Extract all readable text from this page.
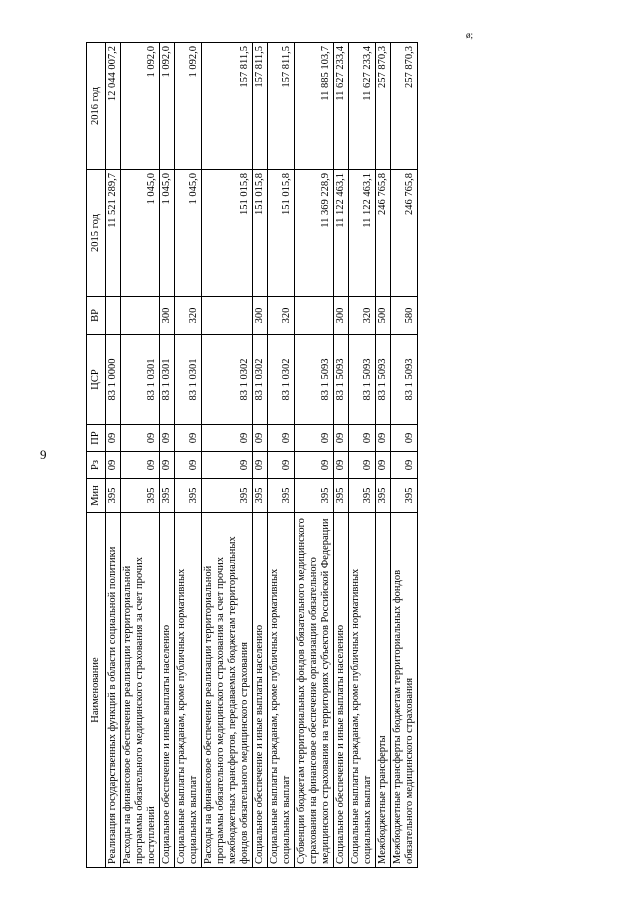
9
ø;
Наименование	Мин	Рз	ПР	ЦСР	ВР	2015 год	2016 год
Реализация государственных функций в области социальной политики	395	09	09	83 1 0000		11 521 289,7	12 044 007,2
Расходы на финансовое обеспечение реализации территориальной программы обязательного медицинского страхования за счет прочих поступлений	395	09	09	83 1 0301		1 045,0	1 092,0
Социальное обеспечение и иные выплаты населению	395	09	09	83 1 0301	300	1 045,0	1 092,0
Социальные выплаты гражданам, кроме публичных нормативных социальных выплат	395	09	09	83 1 0301	320	1 045,0	1 092,0
Расходы на финансовое обеспечение реализации территориальной программы обязательного медицинского страхования за счет прочих межбюджетных трансфертов, передаваемых бюджетам территориальных фондов обязательного медицинского страхования	395	09	09	83 1 0302		151 015,8	157 811,5
Социальное обеспечение и иные выплаты населению	395	09	09	83 1 0302	300	151 015,8	157 811,5
Социальные выплаты гражданам, кроме публичных нормативных социальных выплат	395	09	09	83 1 0302	320	151 015,8	157 811,5
Субвенции бюджетам территориальных фондов обязательного медицинского страхования на финансовое обеспечение организации обязательного медицинского страхования на территориях субъектов Российской Федерации	395	09	09	83 1 5093		11 369 228,9	11 885 103,7
Социальное обеспечение и иные выплаты населению	395	09	09	83 1 5093	300	11 122 463,1	11 627 233,4
Социальные выплаты гражданам, кроме публичных нормативных социальных выплат	395	09	09	83 1 5093	320	11 122 463,1	11 627 233,4
Межбюджетные трансферты	395	09	09	83 1 5093	500	246 765,8	257 870,3
Межбюджетные трансферты бюджетам территориальных фондов обязательного медицинского страхования	395	09	09	83 1 5093	580	246 765,8	257 870,3
